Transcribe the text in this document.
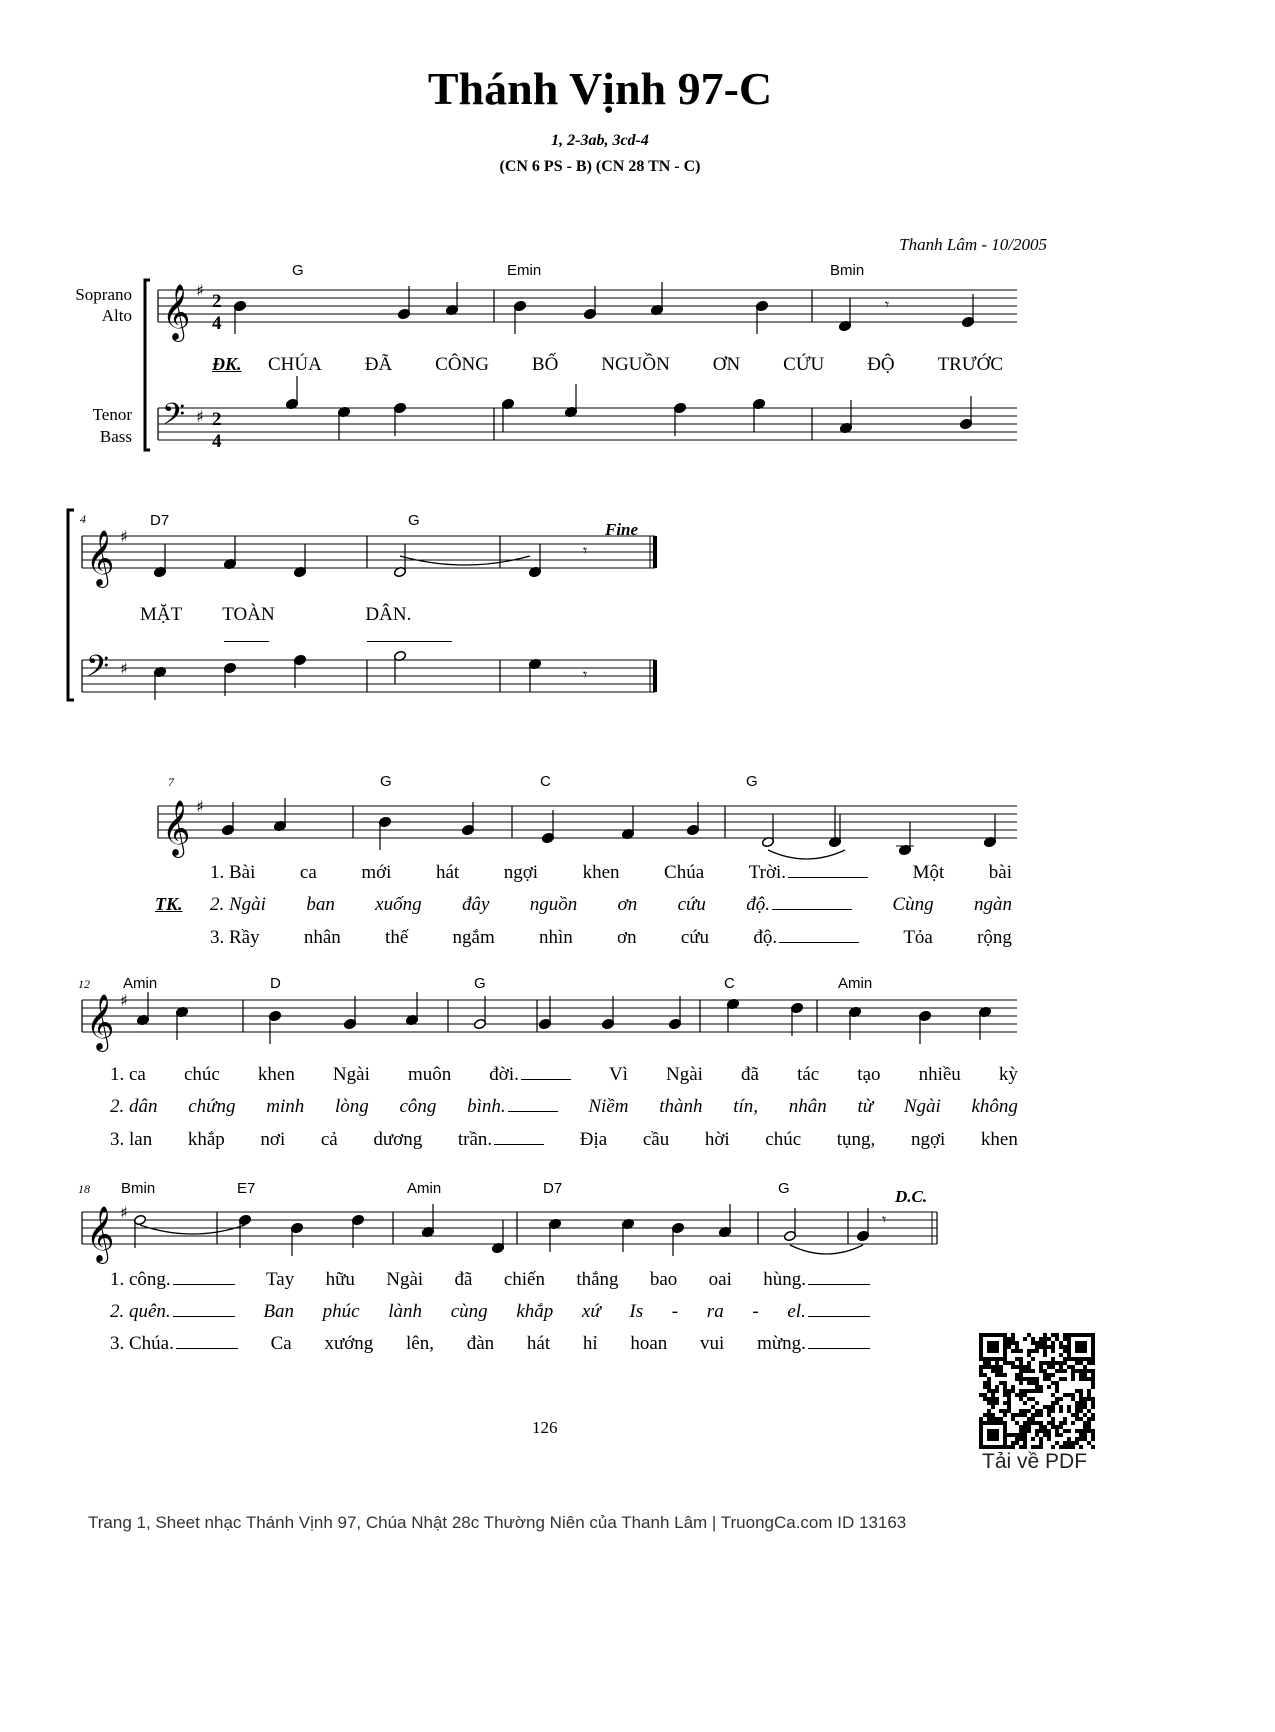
𝄞 ♯
2
4
𝄢 ♯ 2
4
𝄞 ♯
𝄢 ♯
𝄞 ♯
𝄞 ♯
𝄞 ♯
𝄾
𝄾
𝄾
𝄾
Thánh Vịnh 97-C
1, 2-3ab, 3cd-4
(CN 6 PS - B) (CN 28 TN - C)
Thanh Lâm - 10/2005
Soprano
Alto
Tenor
Bass
4
7
12
18
Fine
D.C.
ĐK.
TK.
G	Emin	Bmin
D7	G
G	C	G
Amin	D	G	C	Amin
Bmin	E7	Amin	D7	G
CHÚA ĐÃ CÔNG BỐ NGUỒN ƠN CỨU ĐỘ TRƯỚC
MẶT TOÀN	DÂN.
1. Bài ca mới hát ngợi khen Chúa Trời.	Một bài
2. Ngài ban xuống đây nguồn ơn cứu độ.	Cùng ngàn
3. Rầy nhân thế ngắm nhìn ơn cứu độ.	Tỏa rộng
1. ca chúc khen Ngài muôn đời.	Vì Ngài đã tác tạo nhiều kỳ
2. dân chứng minh lòng công bình.	Niềm thành tín, nhân từ Ngài không
3. lan khắp nơi cả dương trần.	Địa cầu hời chúc tụng, ngợi khen
1. công.	Tay hữu Ngài đã chiến thắng bao oai hùng.
2. quên.	Ban phúc lành cùng khắp xứ Is - ra - el.
3. Chúa.	Ca xướng lên, đàn hát hỉ hoan vui mừng.
126
Tải về PDF
Trang 1, Sheet nhạc Thánh Vịnh 97, Chúa Nhật 28c Thường Niên của Thanh Lâm | TruongCa.com ID 13163
